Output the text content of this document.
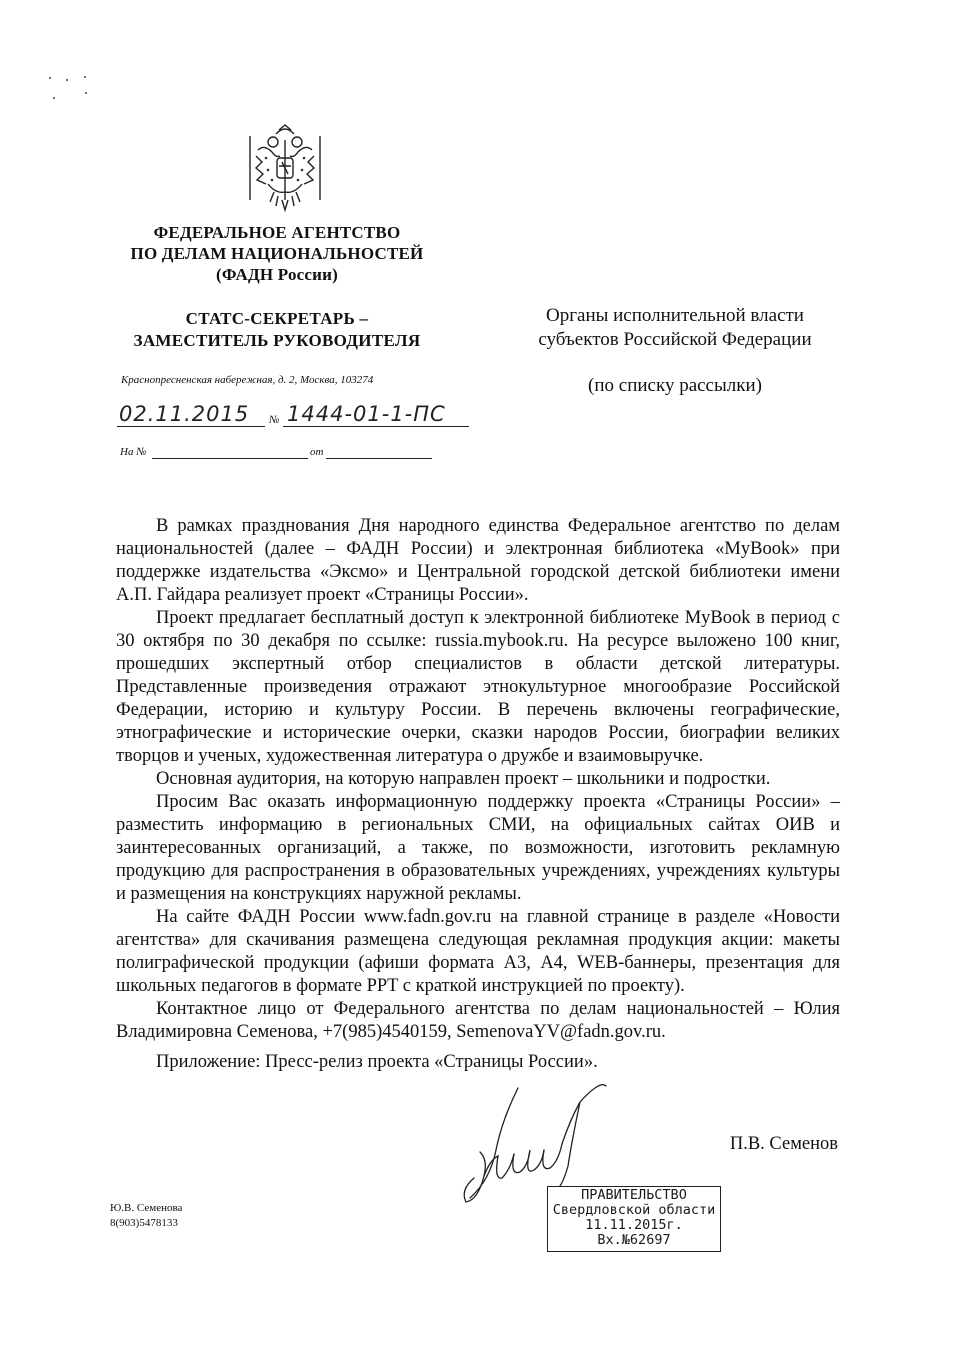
ФЕДЕРАЛЬНОЕ АГЕНТСТВО
ПО ДЕЛАМ НАЦИОНАЛЬНОСТЕЙ
(ФАДН России)
СТАТС-СЕКРЕТАРЬ –
ЗАМЕСТИТЕЛЬ РУКОВОДИТЕЛЯ
Органы исполнительной власти
субъектов Российской Федерации
(по списку рассылки)
Краснопресненская набережная, д. 2, Москва, 103274
02.11.2015 № 1444-01-1-ПС
На №	от

В рамках празднования Дня народного единства Федеральное агентство по делам национальностей (далее – ФАДН России) и электронная библиотека «MyBook» при поддержке издательства «Эксмо» и Центральной городской детской библиотеки имени А.П. Гайдара реализует проект «Страницы России».

Проект предлагает бесплатный доступ к электронной библиотеке MyBook в период с 30 октября по 30 декабря по ссылке: russia.mybook.ru. На ресурсе выложено 100 книг, прошедших экспертный отбор специалистов в области детской литературы. Представленные произведения отражают этнокультурное многообразие Российской Федерации, историю и культуру России. В перечень включены географические, этнографические и исторические очерки, сказки народов России, биографии великих творцов и ученых, художественная литература о дружбе и взаимовыручке.

Основная аудитория, на которую направлен проект – школьники и подростки.

Просим Вас оказать информационную поддержку проекта «Страницы России» – разместить информацию в региональных СМИ, на официальных сайтах ОИВ и заинтересованных организаций, а также, по возможности, изготовить рекламную продукцию для распространения в образовательных учреждениях, учреждениях культуры и размещения на конструкциях наружной рекламы.

На сайте ФАДН России www.fadn.gov.ru на главной странице в разделе «Новости агентства» для скачивания размещена следующая рекламная продукция акции: макеты полиграфической продукции (афиши формата А3, А4, WEB-баннеры, презентация для школьных педагогов в формате PPT с краткой инструкцией по проекту).

Контактное лицо от Федерального агентства по делам национальностей – Юлия Владимировна Семенова, +7(985)4540159, SemenovaYV@fadn.gov.ru.

Приложение: Пресс-релиз проекта «Страницы России».
П.В. Семенов
Ю.В. Семенова
8(903)5478133
ПРАВИТЕЛЬСТВО
Свердловской области
11.11.2015г.
Вх.№62697
